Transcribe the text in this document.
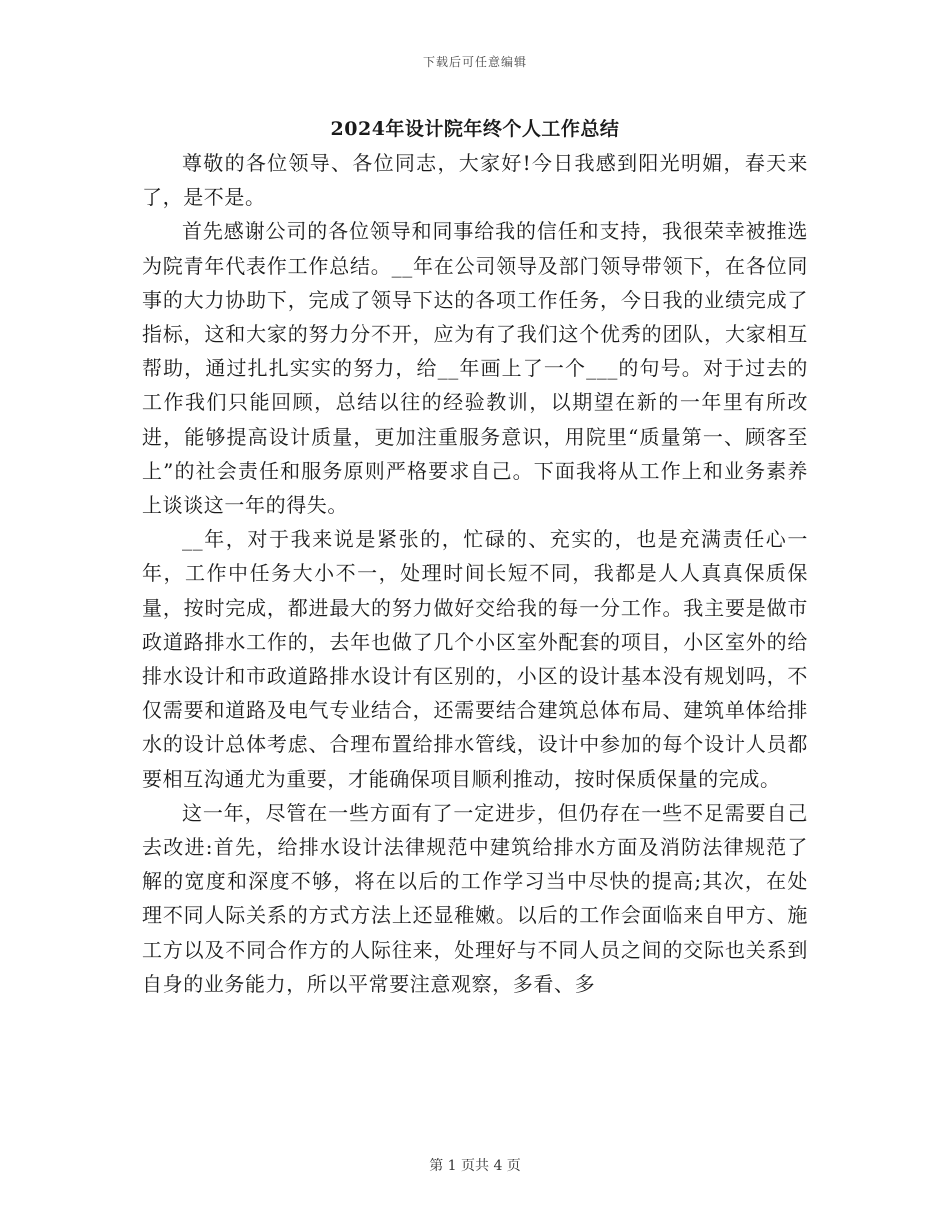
下载后可任意编辑
2024年设计院年终个人工作总结

尊敬的各位领导、各位同志，大家好!今日我感到阳光明媚，春天来了，是不是。

首先感谢公司的各位领导和同事给我的信任和支持，我很荣幸被推选为院青年代表作工作总结。__年在公司领导及部门领导带领下，在各位同事的大力协助下，完成了领导下达的各项工作任务，今日我的业绩完成了指标，这和大家的努力分不开，应为有了我们这个优秀的团队，大家相互帮助，通过扎扎实实的努力，给__年画上了一个___的句号。对于过去的工作我们只能回顾，总结以往的经验教训，以期望在新的一年里有所改进，能够提高设计质量，更加注重服务意识，用院里“质量第一、顾客至上”的社会责任和服务原则严格要求自己。下面我将从工作上和业务素养上谈谈这一年的得失。

__年，对于我来说是紧张的，忙碌的、充实的，也是充满责任心一年，工作中任务大小不一，处理时间长短不同，我都是人人真真保质保量，按时完成，都进最大的努力做好交给我的每一分工作。我主要是做市政道路排水工作的，去年也做了几个小区室外配套的项目，小区室外的给排水设计和市政道路排水设计有区别的，小区的设计基本没有规划吗，不仅需要和道路及电气专业结合，还需要结合建筑总体布局、建筑单体给排水的设计总体考虑、合理布置给排水管线，设计中参加的每个设计人员都要相互沟通尤为重要，才能确保项目顺利推动，按时保质保量的完成。

这一年，尽管在一些方面有了一定进步，但仍存在一些不足需要自己去改进:首先，给排水设计法律规范中建筑给排水方面及消防法律规范了解的宽度和深度不够，将在以后的工作学习当中尽快的提高;其次，在处理不同人际关系的方式方法上还显稚嫩。以后的工作会面临来自甲方、施工方以及不同合作方的人际往来，处理好与不同人员之间的交际也关系到自身的业务能力，所以平常要注意观察，多看、多

第 1 页共 4 页
